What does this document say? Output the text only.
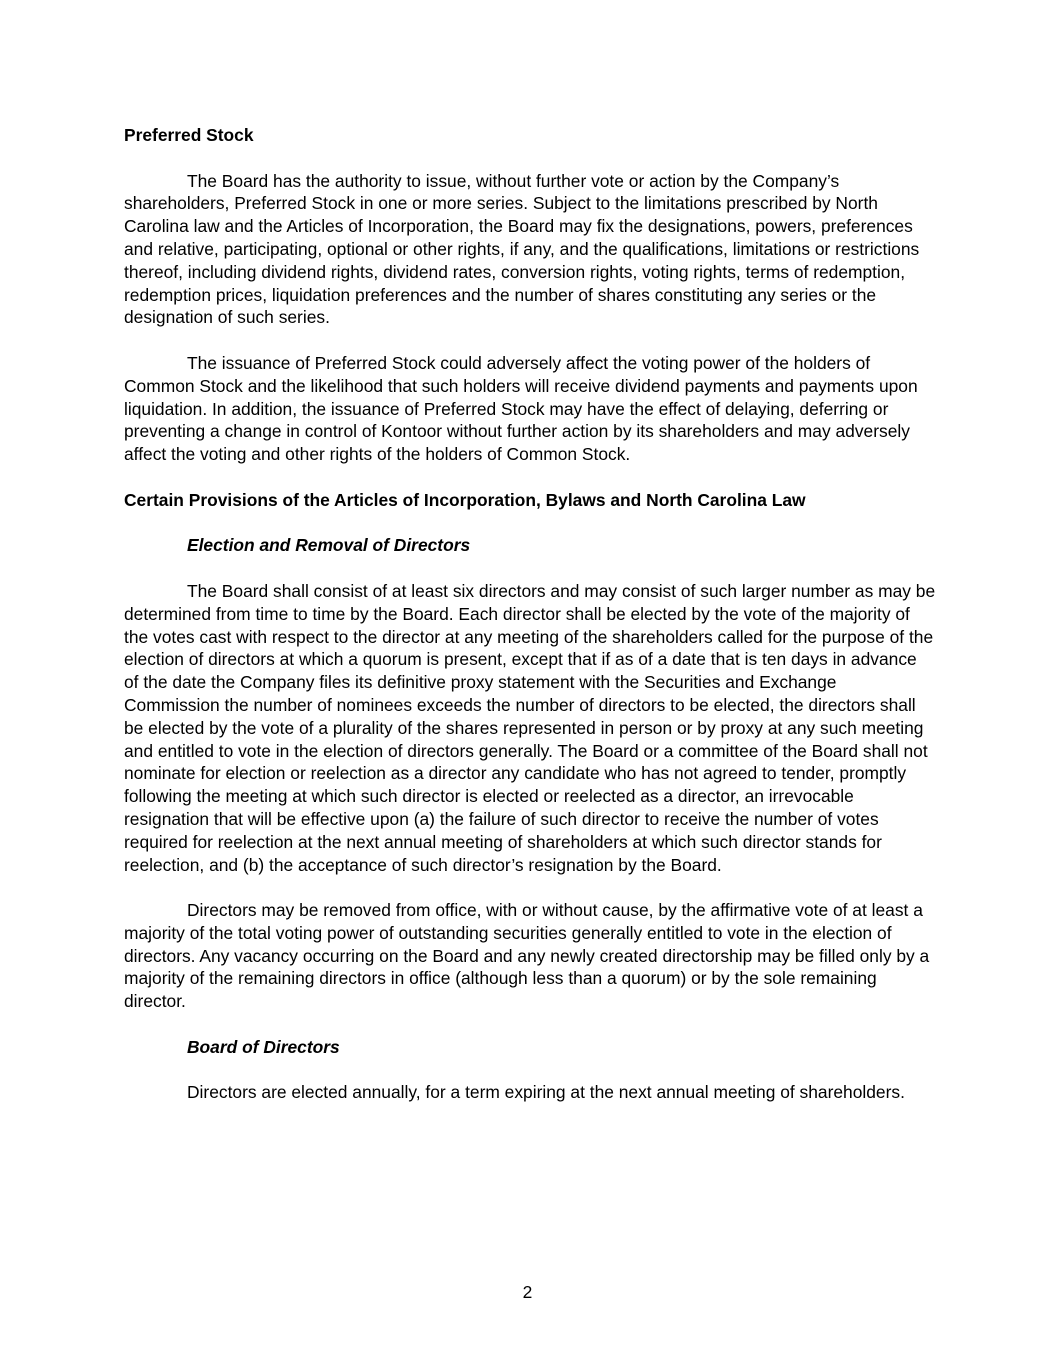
Preferred Stock

The Board has the authority to issue, without further vote or action by the Company’s shareholders, Preferred Stock in one or more series. Subject to the limitations prescribed by North Carolina law and the Articles of Incorporation, the Board may fix the designations, powers, preferences and relative, participating, optional or other rights, if any, and the qualifications, limitations or restrictions thereof, including dividend rights, dividend rates, conversion rights, voting rights, terms of redemption, redemption prices, liquidation preferences and the number of shares constituting any series or the designation of such series.

The issuance of Preferred Stock could adversely affect the voting power of the holders of Common Stock and the likelihood that such holders will receive dividend payments and payments upon liquidation. In addition, the issuance of Preferred Stock may have the effect of delaying, deferring or preventing a change in control of Kontoor without further action by its shareholders and may adversely affect the voting and other rights of the holders of Common Stock.

Certain Provisions of the Articles of Incorporation, Bylaws and North Carolina Law

Election and Removal of Directors

The Board shall consist of at least six directors and may consist of such larger number as may be determined from time to time by the Board. Each director shall be elected by the vote of the majority of the votes cast with respect to the director at any meeting of the shareholders called for the purpose of the election of directors at which a quorum is present, except that if as of a date that is ten days in advance of the date the Company files its definitive proxy statement with the Securities and Exchange Commission the number of nominees exceeds the number of directors to be elected, the directors shall be elected by the vote of a plurality of the shares represented in person or by proxy at any such meeting and entitled to vote in the election of directors generally. The Board or a committee of the Board shall not nominate for election or reelection as a director any candidate who has not agreed to tender, promptly following the meeting at which such director is elected or reelected as a director, an irrevocable resignation that will be effective upon (a) the failure of such director to receive the number of votes required for reelection at the next annual meeting of shareholders at which such director stands for reelection, and (b) the acceptance of such director’s resignation by the Board.

Directors may be removed from office, with or without cause, by the affirmative vote of at least a majority of the total voting power of outstanding securities generally entitled to vote in the election of directors. Any vacancy occurring on the Board and any newly created directorship may be filled only by a majority of the remaining directors in office (although less than a quorum) or by the sole remaining director.

Board of Directors

Directors are elected annually, for a term expiring at the next annual meeting of shareholders.

2
